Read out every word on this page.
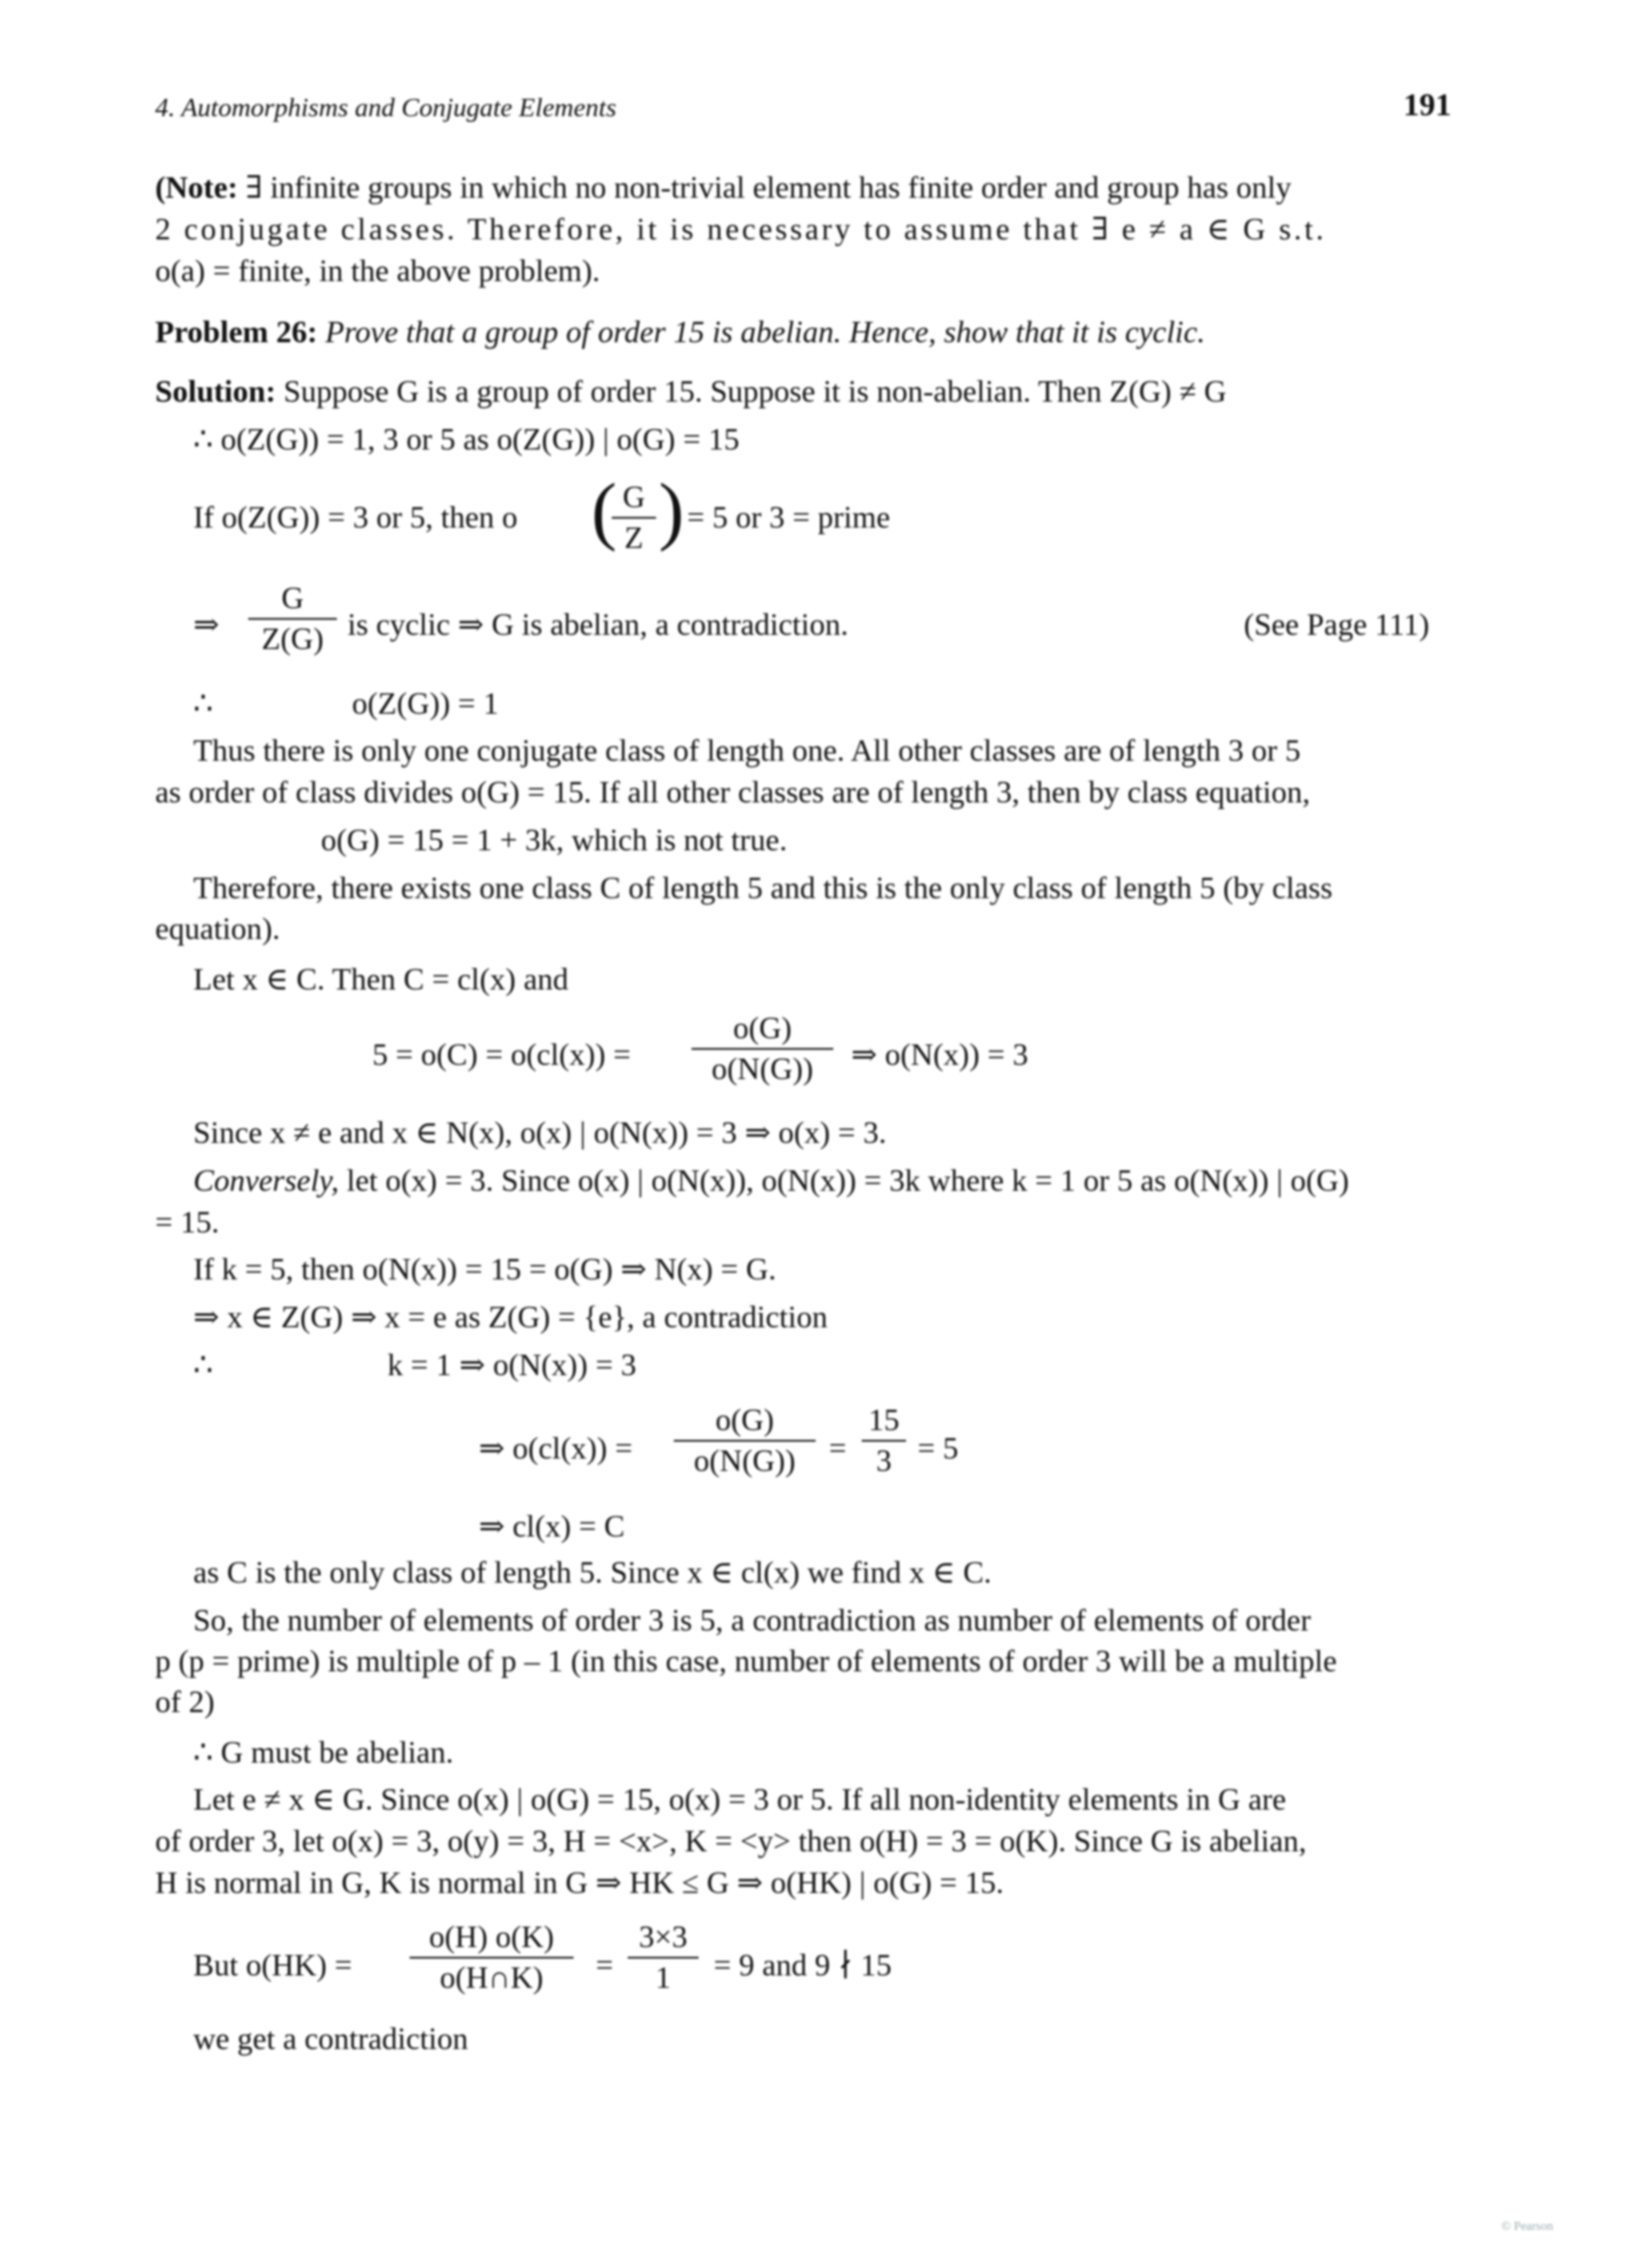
4. Automorphisms and Conjugate Elements	191
(Note: ∃ infinite groups in which no non-trivial element has finite order and group has only
2 conjugate classes. Therefore, it is necessary to assume that ∃ e ≠ a ∈ G s.t.
o(a) = finite, in the above problem).
Problem 26: Prove that a group of order 15 is abelian. Hence, show that it is cyclic.
Solution: Suppose G is a group of order 15. Suppose it is non-abelian. Then Z(G) ≠ G
∴ o(Z(G)) = 1, 3 or 5 as o(Z(G)) | o(G) = 15
If o(Z(G)) = 3 or 5, then o ( G
Z ) = 5 or 3 = prime
⇒
G
Z(G) is cyclic ⇒ G is abelian, a contradiction.	(See Page 111)
∴	o(Z(G)) = 1
Thus there is only one conjugate class of length one. All other classes are of length 3 or 5
as order of class divides o(G) = 15. If all other classes are of length 3, then by class equation,
o(G) = 15 = 1 + 3k, which is not true.
Therefore, there exists one class C of length 5 and this is the only class of length 5 (by class
equation).
Let x ∈ C. Then C = cl(x) and
5 = o(C) = o(cl(x)) =
o(G)
o(N(G))	⇒ o(N(x)) = 3
Since x ≠ e and x ∈ N(x), o(x) | o(N(x)) = 3 ⇒ o(x) = 3.
Conversely, let o(x) = 3. Since o(x) | o(N(x)), o(N(x)) = 3k where k = 1 or 5 as o(N(x)) | o(G)
= 15.
If k = 5, then o(N(x)) = 15 = o(G) ⇒ N(x) = G.
⇒ x ∈ Z(G) ⇒ x = e as Z(G) = {e}, a contradiction
∴	k = 1 ⇒ o(N(x)) = 3
⇒ o(cl(x)) =
o(G)
o(N(G))	=
15
3 = 5
⇒ cl(x) = C
as C is the only class of length 5. Since x ∈ cl(x) we find x ∈ C.
So, the number of elements of order 3 is 5, a contradiction as number of elements of order
p (p = prime) is multiple of p – 1 (in this case, number of elements of order 3 will be a multiple
of 2)
∴ G must be abelian.
Let e ≠ x ∈ G. Since o(x) | o(G) = 15, o(x) = 3 or 5. If all non-identity elements in G are
of order 3, let o(x) = 3, o(y) = 3, H = <x>, K = <y> then o(H) = 3 = o(K). Since G is abelian,
H is normal in G, K is normal in G ⇒ HK ≤ G ⇒ o(HK) | o(G) = 15.
But o(HK) =
o(H) o(K)
o(H∩K)	=
3×3
1	= 9 and 9 ∤ 15
we get a contradiction
© Pearson
